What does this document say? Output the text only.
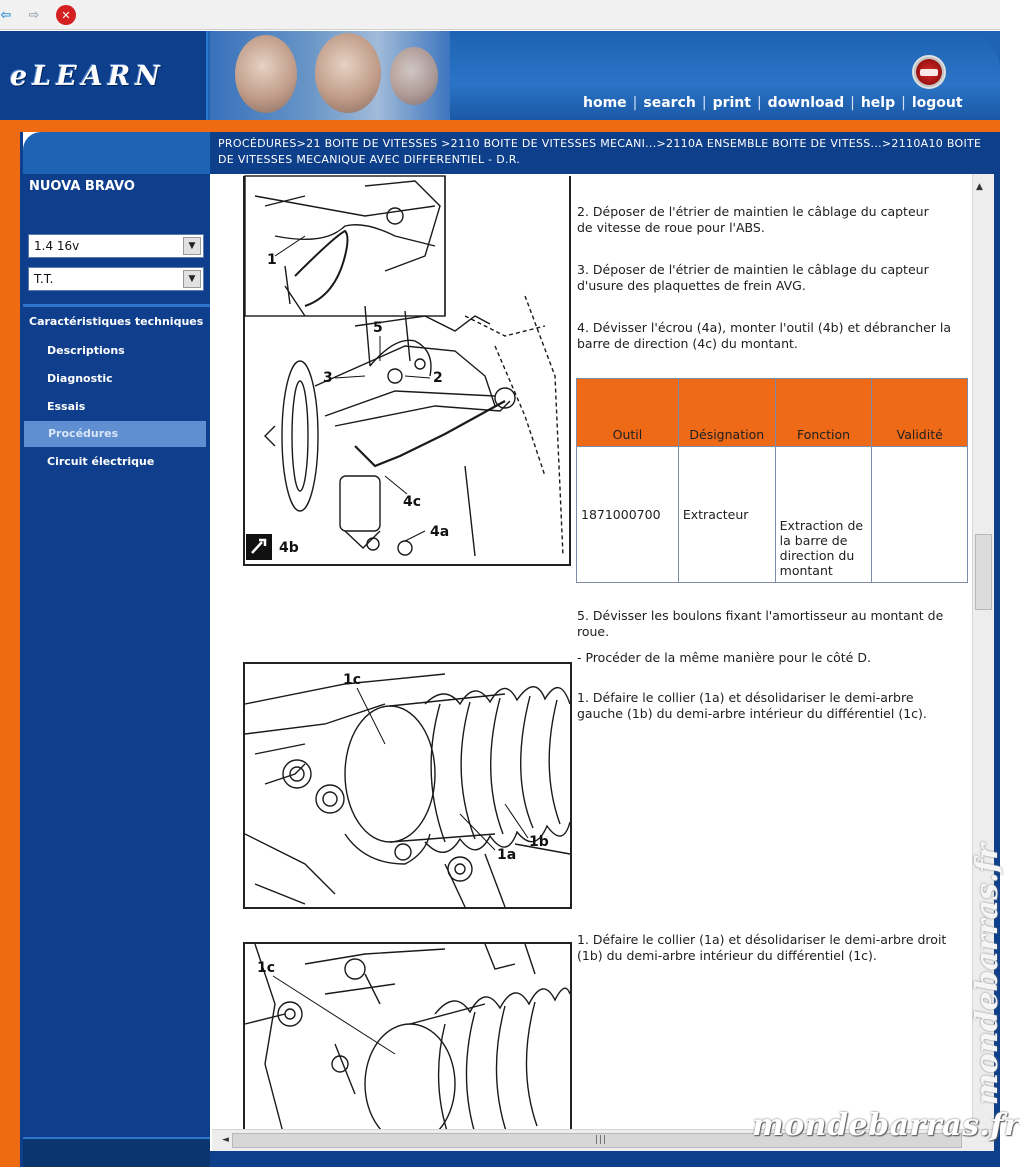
⇦	⇨	✕
eLEARN
home | search | print | download | help | logout
PROCÉDURES>21 BOITE DE VITESSES >2110 BOITE DE VITESSES MECANI...>2110A ENSEMBLE BOITE DE VITESS...>2110A10 BOITE DE VITESSES MECANIQUE AVEC DIFFERENTIEL - D.R.
NUOVA BRAVO
1.4 16v	▼
T.T.	▼
Caractéristiques techniques
Descriptions
Diagnostic
Essais
Procédures
Circuit électrique
1
5
3	2
4c
4b
4a
2. Déposer de l'étrier de maintien le câblage du capteur de vitesse de roue pour l'ABS.
3. Déposer de l'étrier de maintien le câblage du capteur d'usure des plaquettes de frein AVG.
4. Dévisser l'écrou (4a), monter l'outil (4b) et débrancher la barre de direction (4c) du montant.
Outil	Désignation	Fonction	Validité
1871000700	Extracteur	Extraction de la barre de direction du montant	
5. Dévisser les boulons fixant l'amortisseur au montant de roue.
- Procéder de la même manière pour le côté D.
1c
1a
1b
1. Défaire le collier (1a) et désolidariser le demi-arbre gauche (1b) du demi-arbre intérieur du différentiel (1c).
1c
1. Défaire le collier (1a) et désolidariser le demi-arbre droit (1b) du demi-arbre intérieur du différentiel (1c).
▲
◄	|||
mondebarras.fr
mondebarras.fr
